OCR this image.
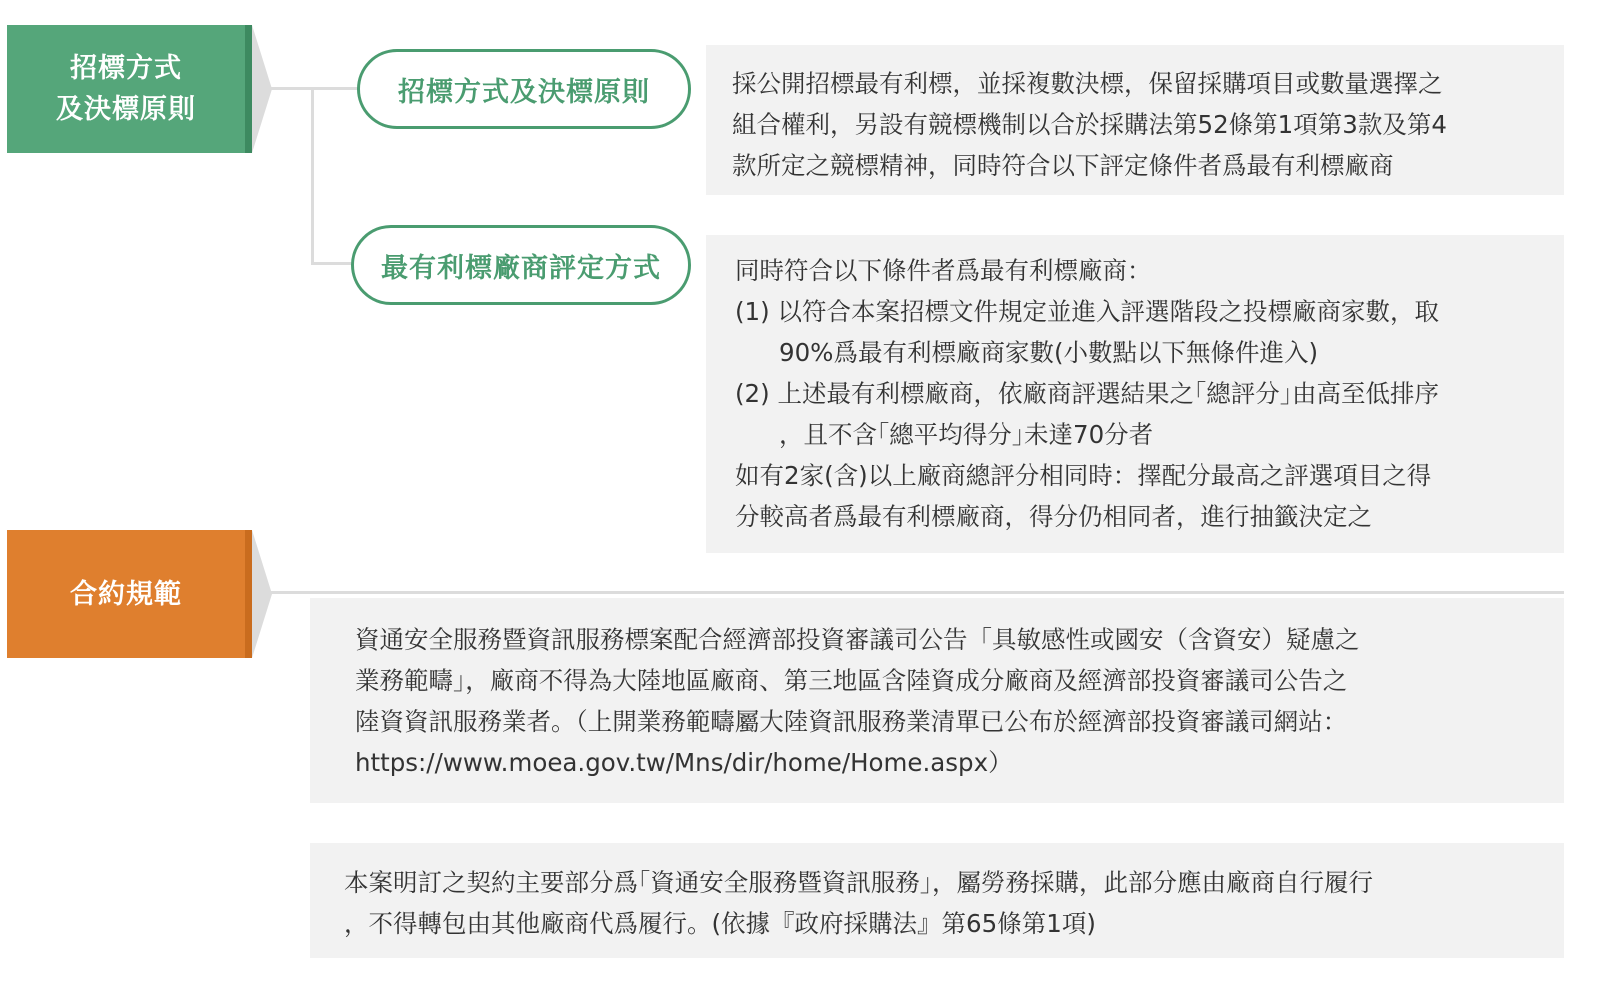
招標方式
及決標原則
招標方式及決標原則
最有利標廠商評定方式

採公開招標最有利標，並採複數決標，保留採購項目或數量選擇之

組合權利，另設有競標機制以合於採購法第52條第1項第3款及第4

款所定之競標精神，同時符合以下評定條件者爲最有利標廠商

同時符合以下條件者爲最有利標廠商：

(1) 以符合本案招標文件規定並進入評選階段之投標廠商家數，取

90%爲最有利標廠商家數(小數點以下無條件進入)

(2) 上述最有利標廠商，依廠商評選結果之｢總評分｣由高至低排序

，且不含｢總平均得分｣未達70分者

如有2家(含)以上廠商總評分相同時：擇配分最高之評選項目之得

分較高者爲最有利標廠商，得分仍相同者，進行抽籤決定之

合約規範

資通安全服務暨資訊服務標案配合經濟部投資審議司公告「具敏感性或國安（含資安）疑慮之

業務範疇」，廠商不得為大陸地區廠商、第三地區含陸資成分廠商及經濟部投資審議司公告之

陸資資訊服務業者。（上開業務範疇屬大陸資訊服務業清單已公布於經濟部投資審議司網站：

https://www.moea.gov.tw/Mns/dir/home/Home.aspx）

本案明訂之契約主要部分爲｢資通安全服務暨資訊服務｣，屬勞務採購，此部分應由廠商自行履行

，不得轉包由其他廠商代爲履行。(依據『政府採購法』第65條第1項)
